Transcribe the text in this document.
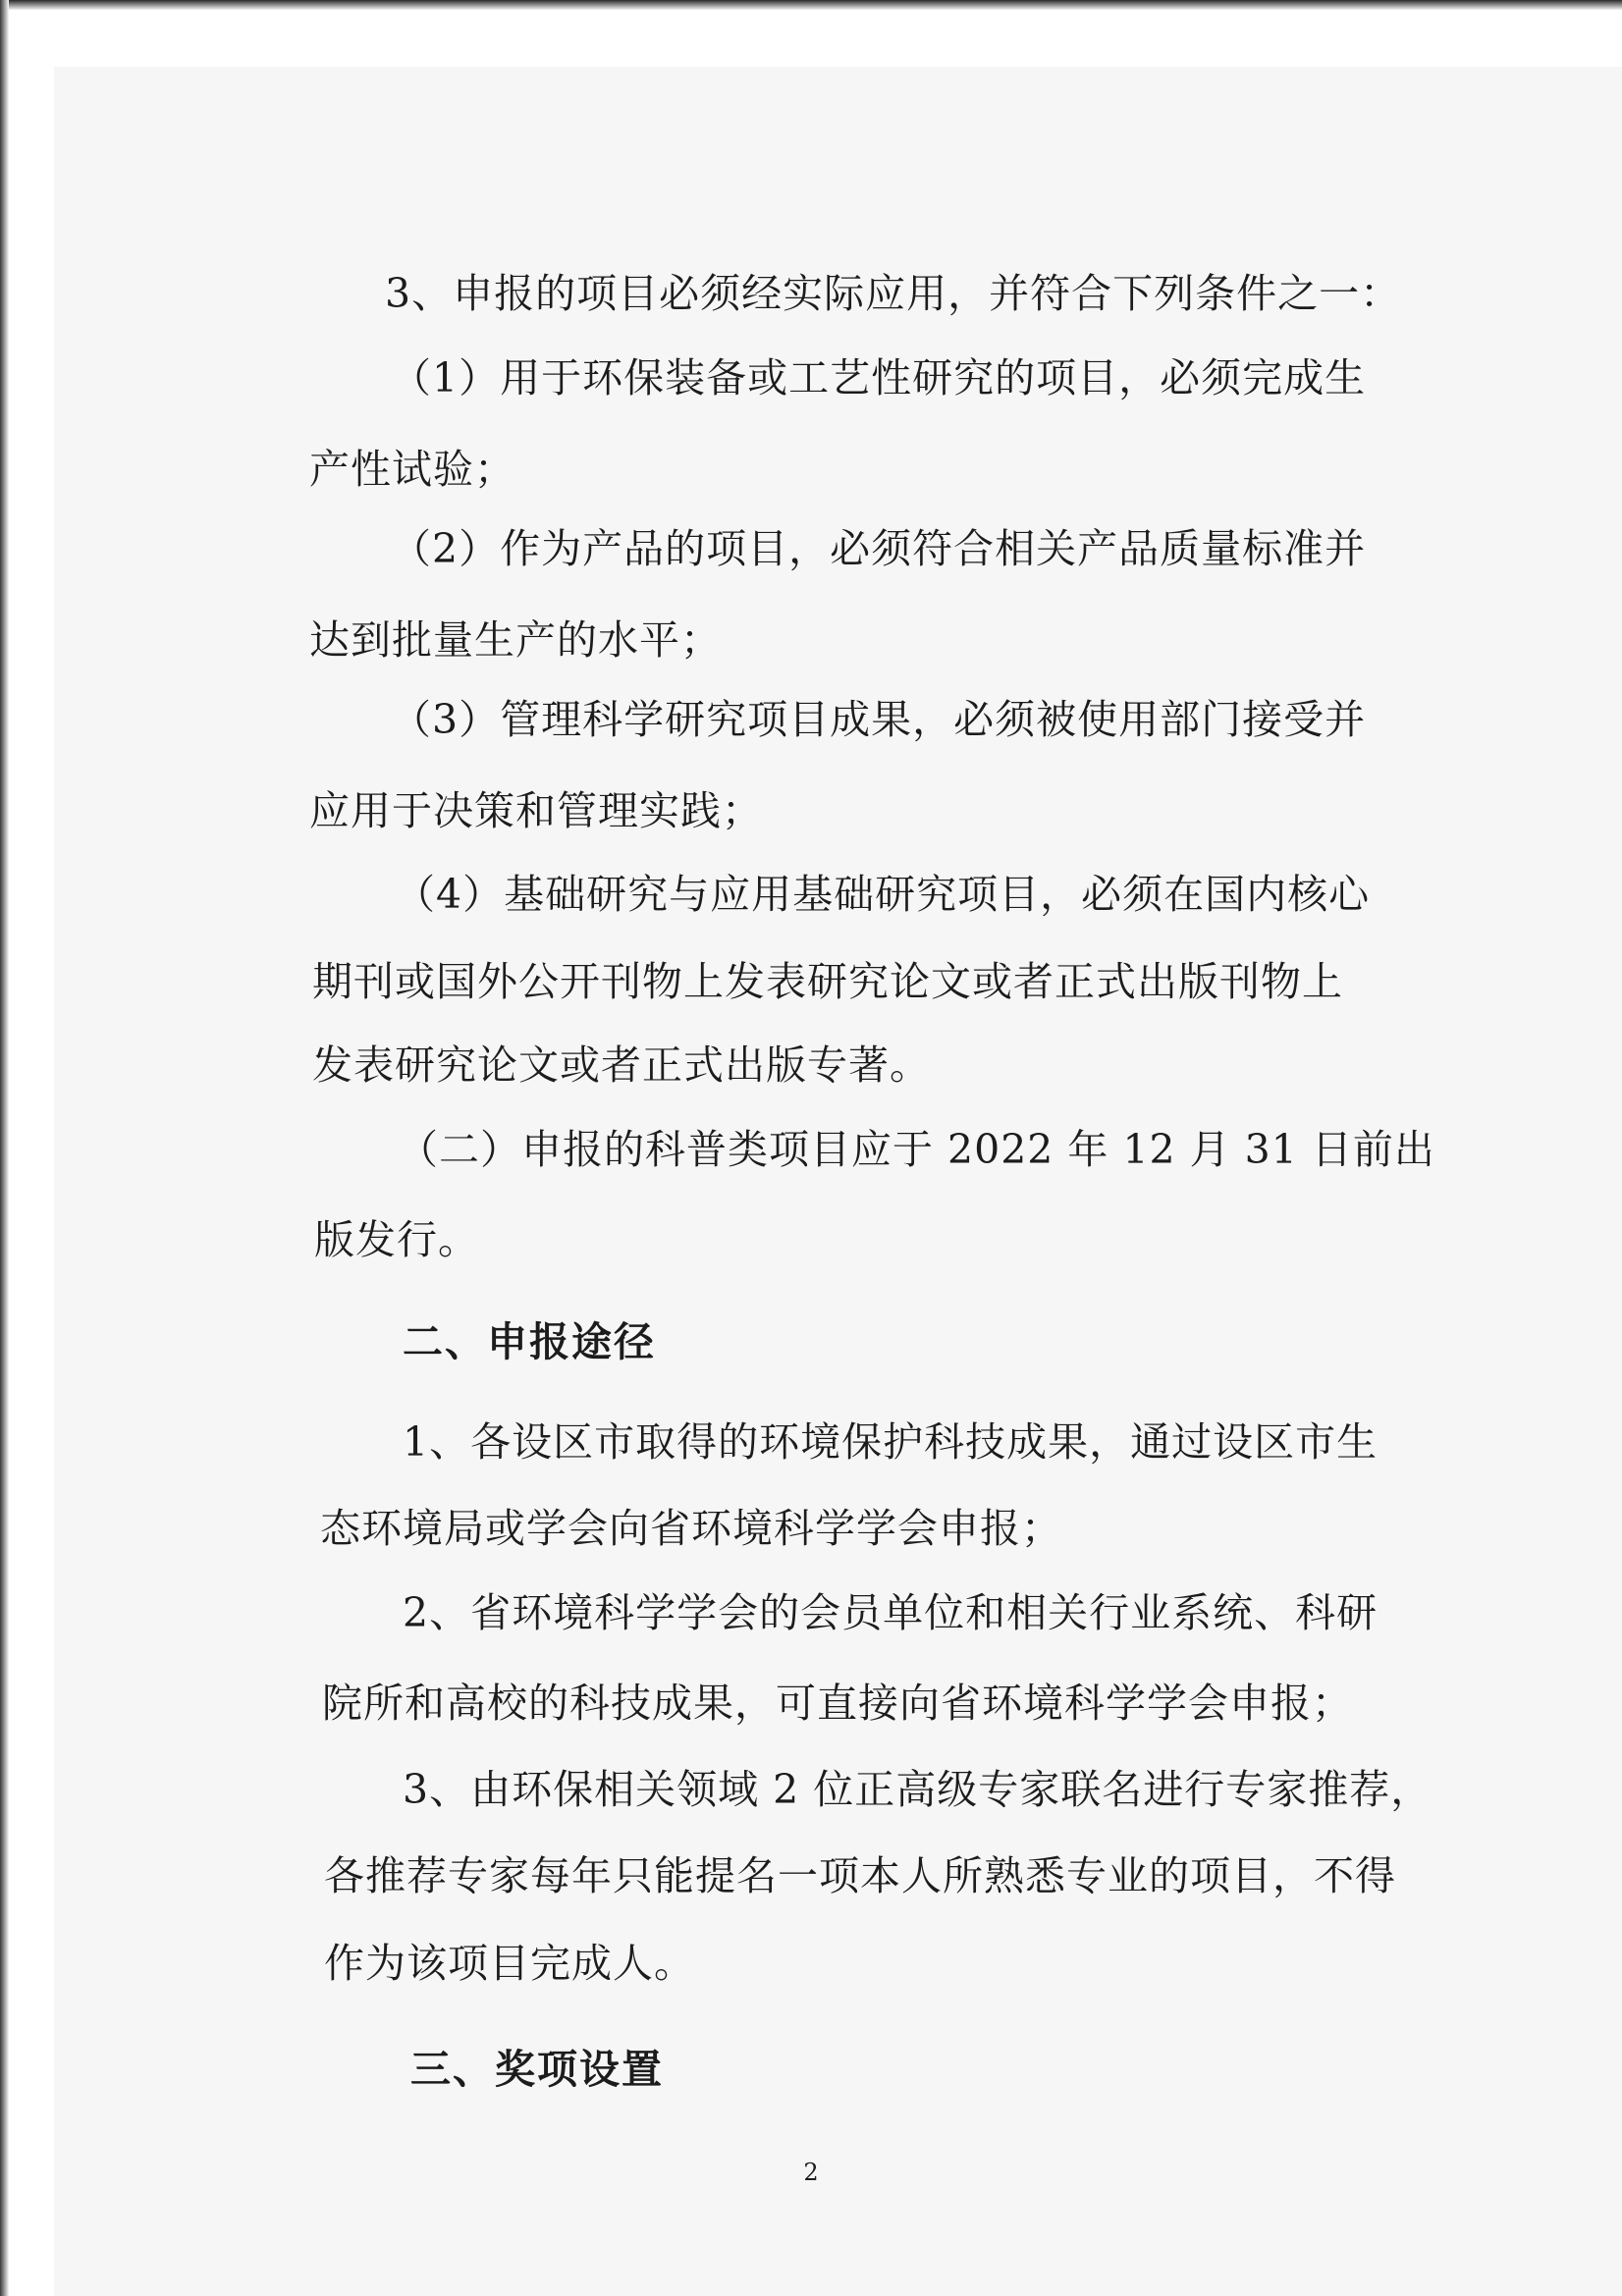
3、申报的项目必须经实际应用，并符合下列条件之一：

（1）用于环保装备或工艺性研究的项目，必须完成生

产性试验；

（2）作为产品的项目，必须符合相关产品质量标准并

达到批量生产的水平；

（3）管理科学研究项目成果，必须被使用部门接受并

应用于决策和管理实践；

（4）基础研究与应用基础研究项目，必须在国内核心

期刊或国外公开刊物上发表研究论文或者正式出版刊物上

发表研究论文或者正式出版专著。

（二）申报的科普类项目应于 2022 年 12 月 31 日前出

版发行。

二、申报途径

1、各设区市取得的环境保护科技成果，通过设区市生

态环境局或学会向省环境科学学会申报；

2、省环境科学学会的会员单位和相关行业系统、科研

院所和高校的科技成果，可直接向省环境科学学会申报；

3、由环保相关领域 2 位正高级专家联名进行专家推荐，

各推荐专家每年只能提名一项本人所熟悉专业的项目，不得

作为该项目完成人。

三、奖项设置

2
